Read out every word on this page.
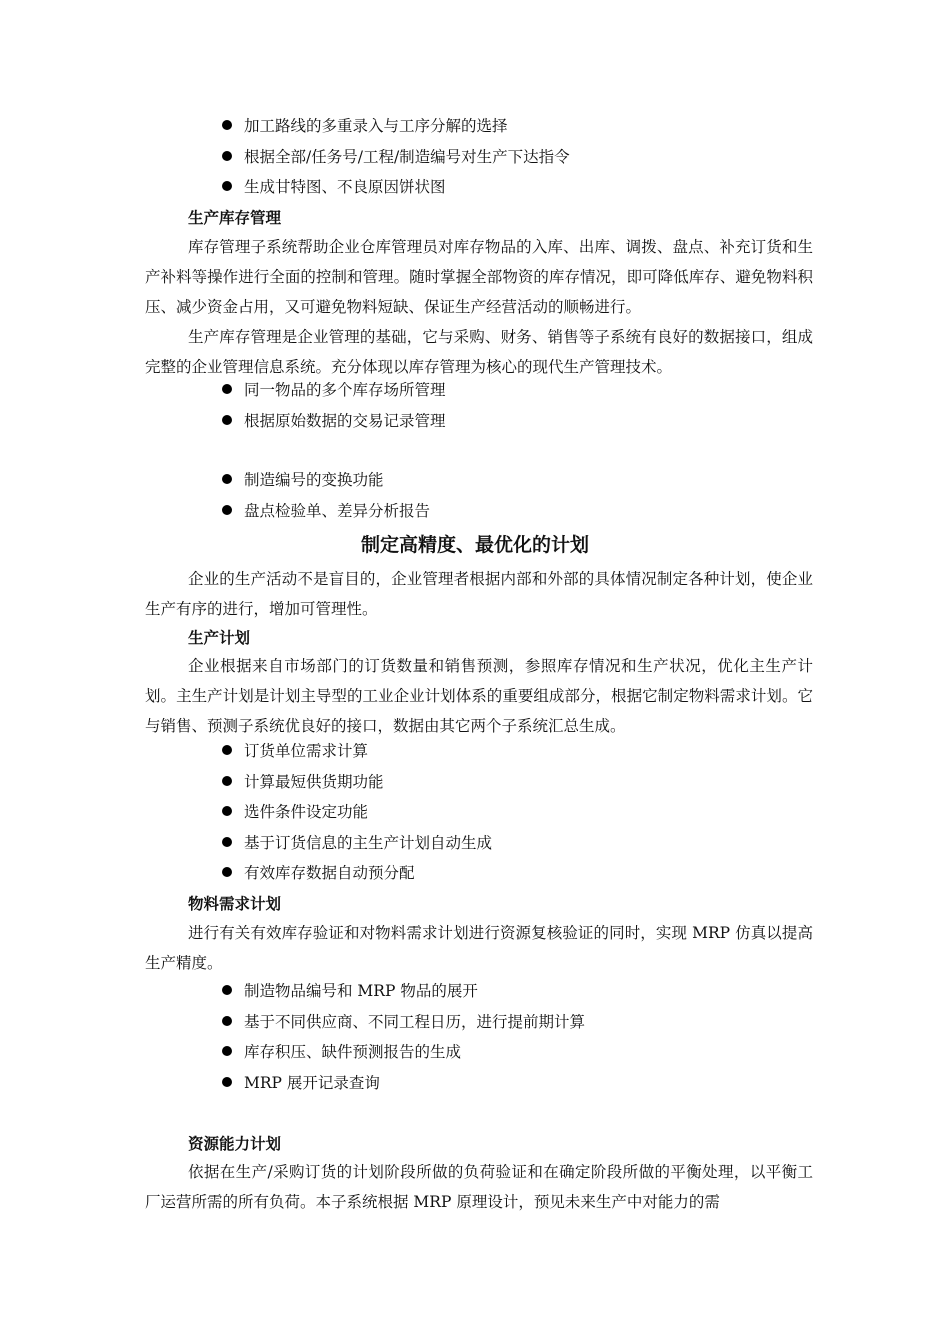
加工路线的多重录入与工序分解的选择
根据全部/任务号/工程/制造编号对生产下达指令
生成甘特图、不良原因饼状图
生产库存管理
库存管理子系统帮助企业仓库管理员对库存物品的入库、出库、调拨、盘点、补充订货和生产补料等操作进行全面的控制和管理。随时掌握全部物资的库存情况，即可降低库存、避免物料积压、减少资金占用，又可避免物料短缺、保证生产经营活动的顺畅进行。
生产库存管理是企业管理的基础，它与采购、财务、销售等子系统有良好的数据接口，组成完整的企业管理信息系统。充分体现以库存管理为核心的现代生产管理技术。
同一物品的多个库存场所管理
根据原始数据的交易记录管理
制造编号的变换功能
盘点检验单、差异分析报告
制定高精度、最优化的计划
企业的生产活动不是盲目的，企业管理者根据内部和外部的具体情况制定各种计划，使企业生产有序的进行，增加可管理性。
生产计划
企业根据来自市场部门的订货数量和销售预测，参照库存情况和生产状况，优化主生产计划。主生产计划是计划主导型的工业企业计划体系的重要组成部分，根据它制定物料需求计划。它与销售、预测子系统优良好的接口，数据由其它两个子系统汇总生成。
订货单位需求计算
计算最短供货期功能
选件条件设定功能
基于订货信息的主生产计划自动生成
有效库存数据自动预分配
物料需求计划
进行有关有效库存验证和对物料需求计划进行资源复核验证的同时，实现 MRP 仿真以提高生产精度。
制造物品编号和 MRP 物品的展开
基于不同供应商、不同工程日历，进行提前期计算
库存积压、缺件预测报告的生成
MRP 展开记录查询
资源能力计划
依据在生产/采购订货的计划阶段所做的负荷验证和在确定阶段所做的平衡处理，以平衡工厂运营所需的所有负荷。本子系统根据 MRP 原理设计，预见未来生产中对能力的需
